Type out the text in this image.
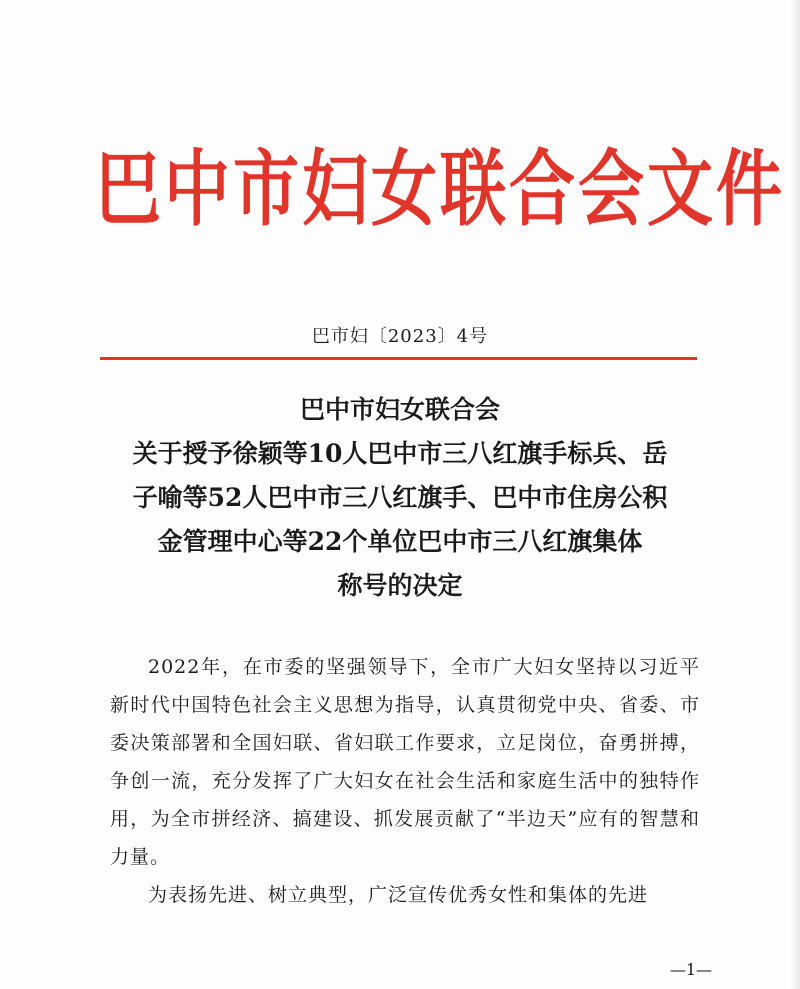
巴中市妇女联合会文件
巴市妇〔2023〕4号
巴中市妇女联合会
关于授予徐颖等10人巴中市三八红旗手标兵、岳
子喻等52人巴中市三八红旗手、巴中市住房公积
金管理中心等22个单位巴中市三八红旗集体
称号的决定

2022年，在市委的坚强领导下，全市广大妇女坚持以习近平新时代中国特色社会主义思想为指导，认真贯彻党中央、省委、市委决策部署和全国妇联、省妇联工作要求，立足岗位，奋勇拼搏，争创一流，充分发挥了广大妇女在社会生活和家庭生活中的独特作用，为全市拼经济、搞建设、抓发展贡献了“半边天”应有的智慧和力量。

为表扬先进、树立典型，广泛宣传优秀女性和集体的先进

—1—
